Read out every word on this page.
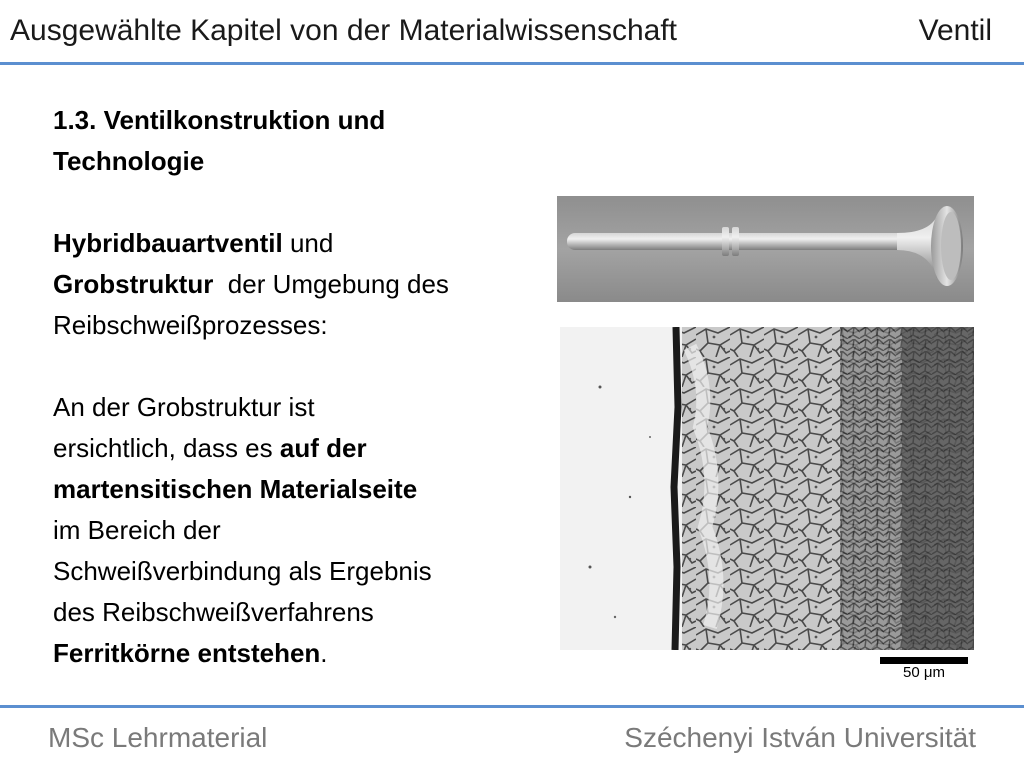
Ausgewählte Kapitel von der Materialwissenschaft	Ventil

1.3. Ventilkonstruktion und
Technologie

Hybridbauartventil und
Grobstruktur  der Umgebung des
Reibschweißprozesses:

An der Grobstruktur ist
ersichtlich, dass es auf der
martensitischen Materialseite
im Bereich der
Schweißverbindung als Ergebnis
des Reibschweißverfahrens
Ferritkörne entstehen.

50 μm
MSc Lehrmaterial	Széchenyi István Universität
